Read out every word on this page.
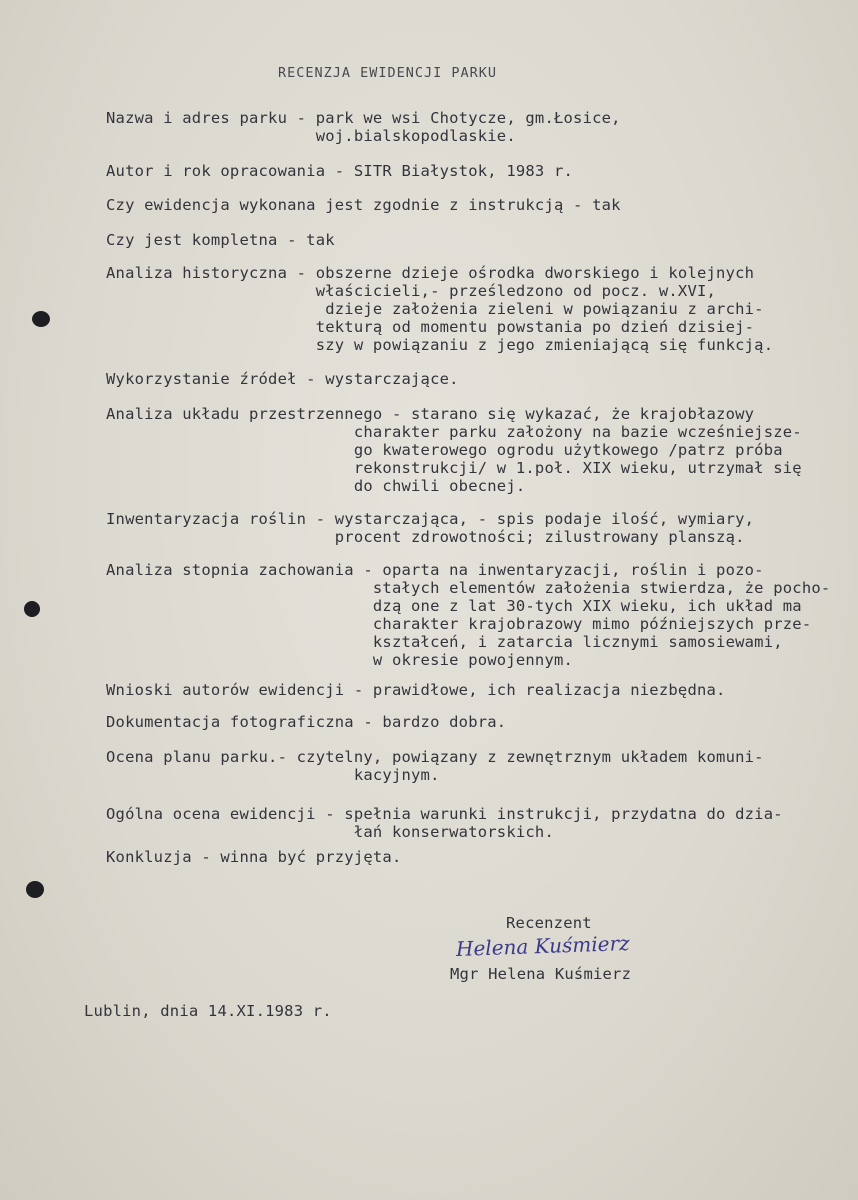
RECENZJA EWIDENCJI PARKU
Nazwa i adres parku - park we wsi Chotycze, gm.Łosice,
woj.bialskopodlaskie.
Autor i rok opracowania - SITR Białystok, 1983 r.
Czy ewidencja wykonana jest zgodnie z instrukcją - tak
Czy jest kompletna - tak
Analiza historyczna - obszerne dzieje ośrodka dworskiego i kolejnych
właścicieli,- prześledzono od pocz. w.XVI,
dzieje założenia zieleni w powiązaniu z archi-
tekturą od momentu powstania po dzień dzisiej-
szy w powiązaniu z jego zmieniającą się funkcją.
Wykorzystanie źródeł - wystarczające.
Analiza układu przestrzennego - starano się wykazać, że krajobłazowy
charakter parku założony na bazie wcześniejsze-
go kwaterowego ogrodu użytkowego /patrz próba
rekonstrukcji/ w 1.poł. XIX wieku, utrzymał się
do chwili obecnej.
Inwentaryzacja roślin - wystarczająca, - spis podaje ilość, wymiary,
procent zdrowotności; zilustrowany planszą.
Analiza stopnia zachowania - oparta na inwentaryzacji, roślin i pozo-
stałych elementów założenia stwierdza, że pocho-
dzą one z lat 30-tych XIX wieku, ich układ ma
charakter krajobrazowy mimo późniejszych prze-
kształceń, i zatarcia licznymi samosiewami,
w okresie powojennym.
Wnioski autorów ewidencji - prawidłowe, ich realizacja niezbędna.
Dokumentacja fotograficzna - bardzo dobra.
Ocena planu parku.- czytelny, powiązany z zewnętrznym układem komuni-
kacyjnym.
Ogólna ocena ewidencji - spełnia warunki instrukcji, przydatna do dzia-
łań konserwatorskich.
Konkluzja - winna być przyjęta.
Recenzent
Helena Kuśmierz
Mgr Helena Kuśmierz
Lublin, dnia 14.XI.1983 r.
